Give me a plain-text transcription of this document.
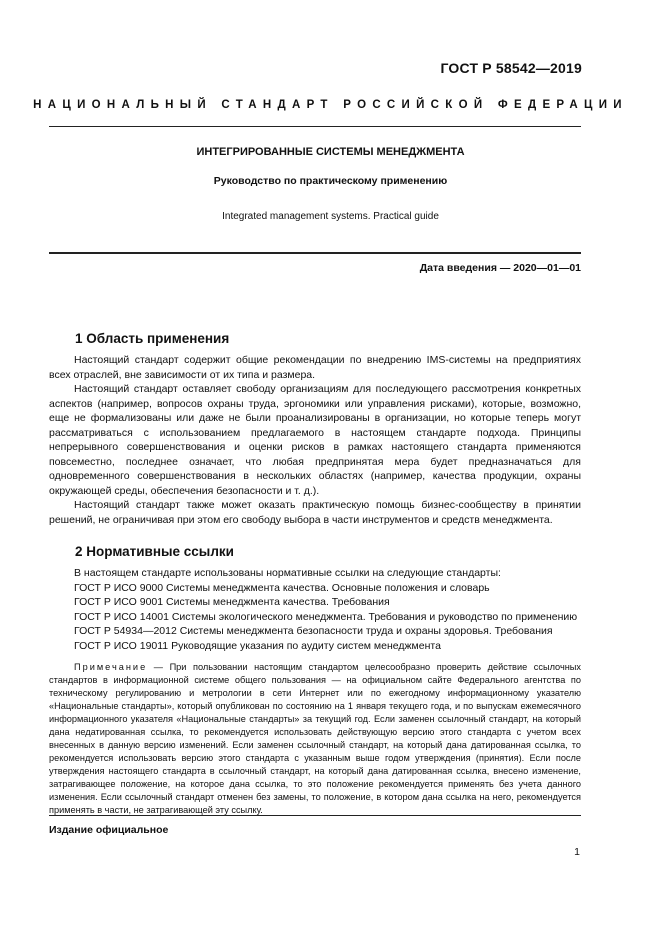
ГОСТ Р 58542—2019
НАЦИОНАЛЬНЫЙ СТАНДАРТ РОССИЙСКОЙ ФЕДЕРАЦИИ
ИНТЕГРИРОВАННЫЕ СИСТЕМЫ МЕНЕДЖМЕНТА
Руководство по практическому применению
Integrated management systems. Practical guide
Дата введения — 2020—01—01
1 Область применения

Настоящий стандарт содержит общие рекомендации по внедрению IMS-системы на предприятиях всех отраслей, вне зависимости от их типа и размера.

Настоящий стандарт оставляет свободу организациям для последующего рассмотрения конкретных аспектов (например, вопросов охраны труда, эргономики или управления рисками), которые, возможно, еще не формализованы или даже не были проанализированы в организации, но которые теперь могут рассматриваться с использованием предлагаемого в настоящем стандарте подхода. Принципы непрерывного совершенствования и оценки рисков в рамках настоящего стандарта применяются повсеместно, последнее означает, что любая предпринятая мера будет предназначаться для одновременного совершенствования в нескольких областях (например, качества продукции, охраны окружающей среды, обеспечения безопасности и т. д.).

Настоящий стандарт также может оказать практическую помощь бизнес-сообществу в принятии решений, не ограничивая при этом его свободу выбора в части инструментов и средств менеджмента.

2 Нормативные ссылки
В настоящем стандарте использованы нормативные ссылки на следующие стандарты:
ГОСТ Р ИСО 9000 Системы менеджмента качества. Основные положения и словарь
ГОСТ Р ИСО 9001 Системы менеджмента качества. Требования

ГОСТ Р ИСО 14001 Системы экологического менеджмента. Требования и руководство по применению

ГОСТ Р 54934—2012 Системы менеджмента безопасности труда и охраны здоровья. Требования
ГОСТ Р ИСО 19011 Руководящие указания по аудиту систем менеджмента
Примечание — При пользовании настоящим стандартом целесообразно проверить действие ссылочных стандартов в информационной системе общего пользования — на официальном сайте Федерального агентства по техническому регулированию и метрологии в сети Интернет или по ежегодному информационному указателю «Национальные стандарты», который опубликован по состоянию на 1 января текущего года, и по выпускам ежемесячного информационного указателя «Национальные стандарты» за текущий год. Если заменен ссылочный стандарт, на который дана недатированная ссылка, то рекомендуется использовать действующую версию этого стандарта с учетом всех внесенных в данную версию изменений. Если заменен ссылочный стандарт, на который дана датированная ссылка, то рекомендуется использовать версию этого стандарта с указанным выше годом утверждения (принятия). Если после утверждения настоящего стандарта в ссылочный стандарт, на который дана датированная ссылка, внесено изменение, затрагивающее положение, на которое дана ссылка, то это положение рекомендуется применять без учета данного изменения. Если ссылочный стандарт отменен без замены, то положение, в котором дана ссылка на него, рекомендуется применять в части, не затрагивающей эту ссылку.
Издание официальное
1
